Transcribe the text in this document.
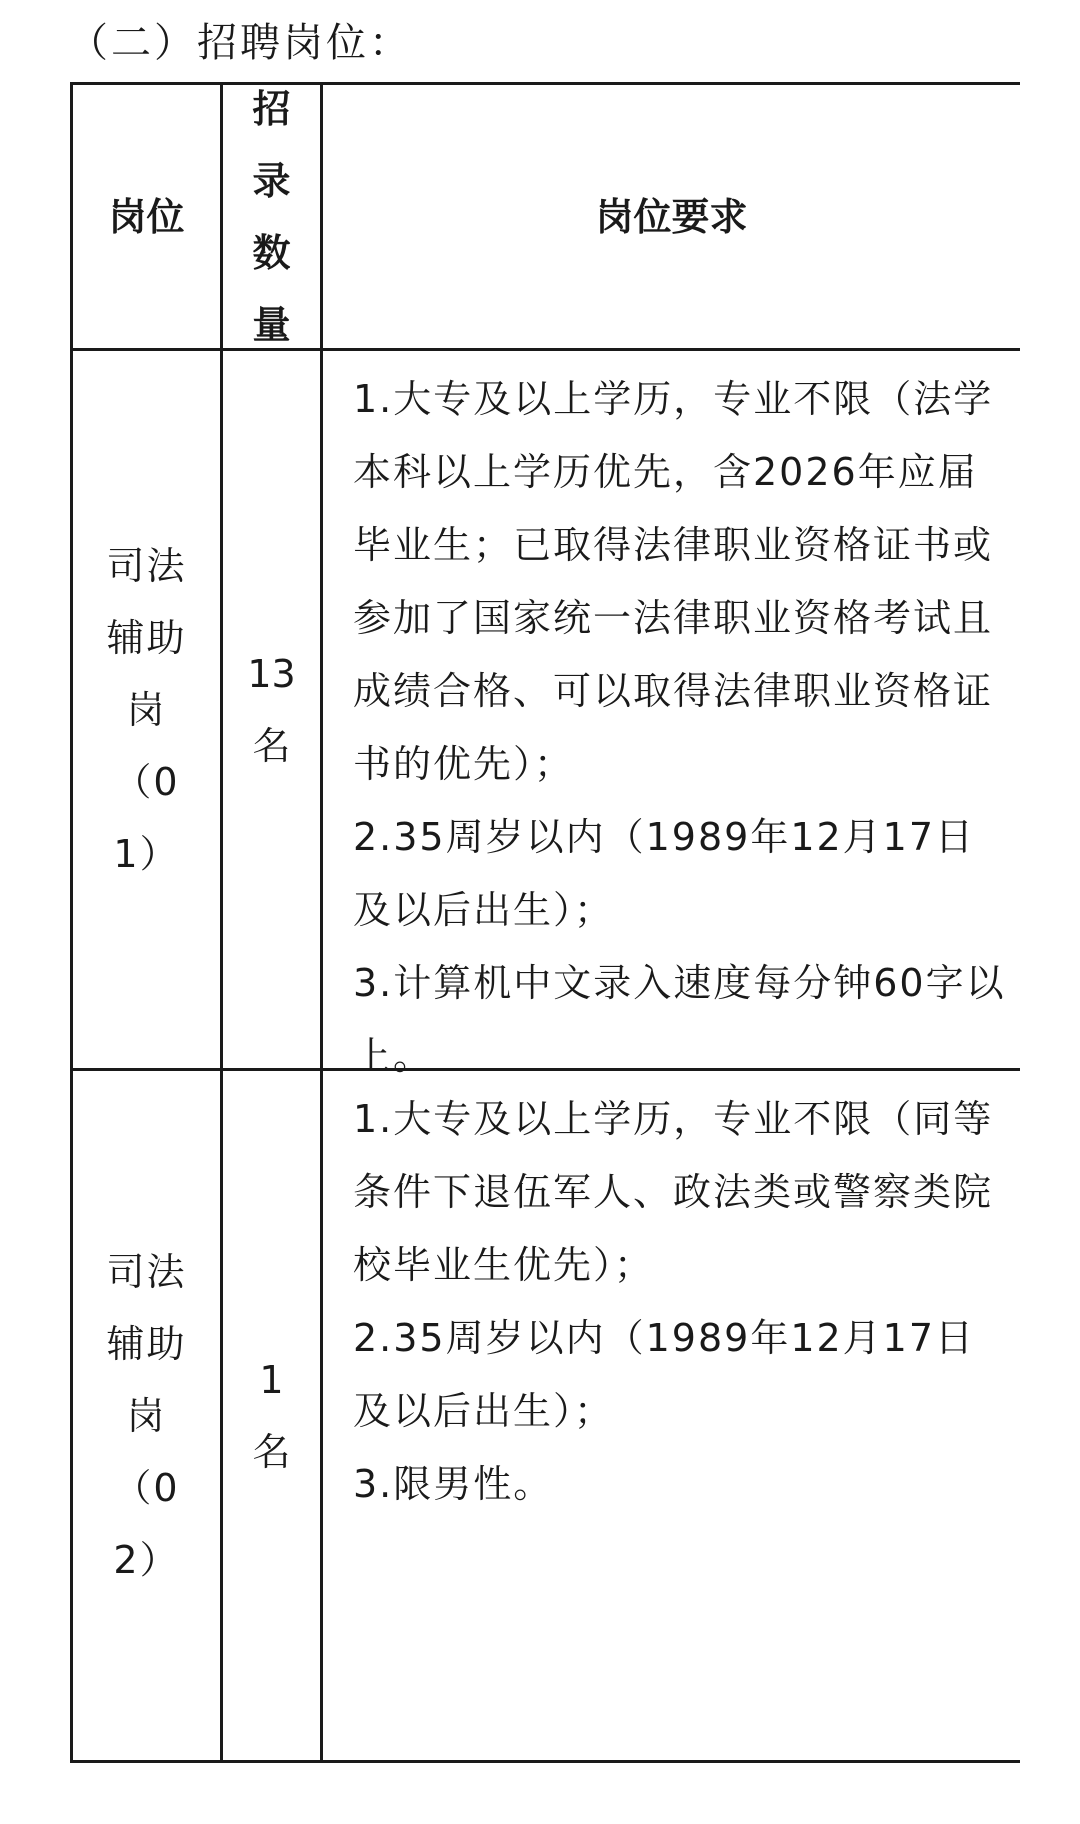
（二）招聘岗位：
岗位
招
录
数
量
岗位要求
司法辅助岗（01）
13名
1.大专及以上学历，专业不限（法学本科以上学历优先，含2026年应届毕业生；已取得法律职业资格证书或参加了国家统一法律职业资格考试且成绩合格、可以取得法律职业资格证书的优先）；
2.35周岁以内（1989年12月17日及以后出生）；
3.计算机中文录入速度每分钟60字以上。
司法辅助岗（02）
1名
1.大专及以上学历，专业不限（同等条件下退伍军人、政法类或警察类院校毕业生优先）；
2.35周岁以内（1989年12月17日及以后出生）；
3.限男性。
